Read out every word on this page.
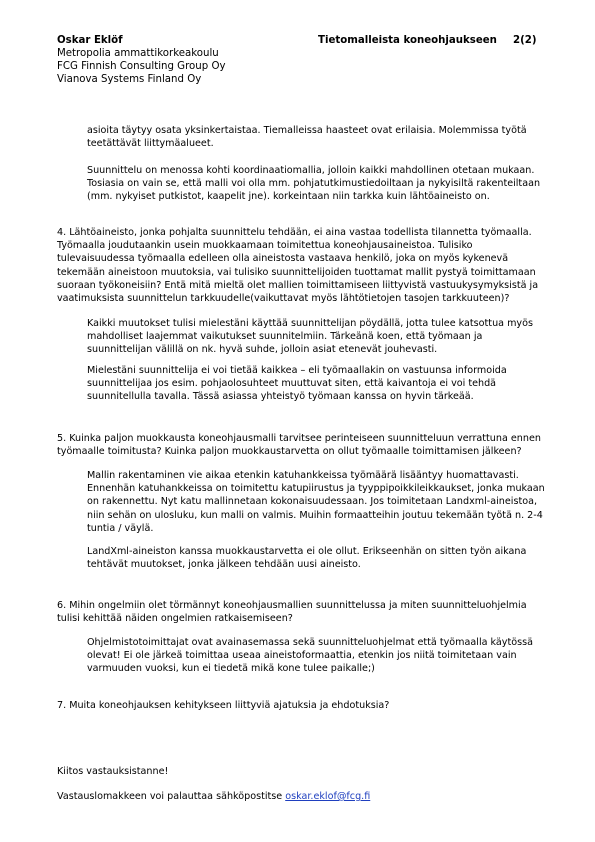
Oskar Eklöf
Metropolia ammattikorkeakoulu
FCG Finnish Consulting Group Oy
Vianova Systems Finland Oy
Tietomalleista koneohjaukseen 2(2)

asioita täytyy osata yksinkertaistaa. Tiemalleissa haasteet ovat erilaisia. Molemmissa työtä
teetättävät liittymäalueet.

Suunnittelu on menossa kohti koordinaatiomallia, jolloin kaikki mahdollinen otetaan mukaan.
Tosiasia on vain se, että malli voi olla mm. pohjatutkimustiedoiltaan ja nykyisiltä rakenteiltaan
(mm. nykyiset putkistot, kaapelit jne). korkeintaan niin tarkka kuin lähtöaineisto on.

4. Lähtöaineisto, jonka pohjalta suunnittelu tehdään, ei aina vastaa todellista tilannetta työmaalla.
Työmaalla joudutaankin usein muokkaamaan toimitettua koneohjausaineistoa. Tulisiko
tulevaisuudessa työmaalla edelleen olla aineistosta vastaava henkilö, joka on myös kykenevä
tekemään aineistoon muutoksia, vai tulisiko suunnittelijoiden tuottamat mallit pystyä toimittamaan
suoraan työkoneisiin? Entä mitä mieltä olet mallien toimittamiseen liittyvistä vastuukysymyksistä ja
vaatimuksista suunnittelun tarkkuudelle(vaikuttavat myös lähtötietojen tasojen tarkkuuteen)?

Kaikki muutokset tulisi mielestäni käyttää suunnittelijan pöydällä, jotta tulee katsottua myös
mahdolliset laajemmat vaikutukset suunnitelmiin. Tärkeänä koen, että työmaan ja
suunnittelijan välillä on nk. hyvä suhde, jolloin asiat etenevät jouhevasti.

Mielestäni suunnittelija ei voi tietää kaikkea – eli työmaallakin on vastuunsa informoida
suunnittelijaa jos esim. pohjaolosuhteet muuttuvat siten, että kaivantoja ei voi tehdä
suunnitellulla tavalla. Tässä asiassa yhteistyö työmaan kanssa on hyvin tärkeää.

5. Kuinka paljon muokkausta koneohjausmalli tarvitsee perinteiseen suunnitteluun verrattuna ennen
työmaalle toimitusta? Kuinka paljon muokkaustarvetta on ollut työmaalle toimittamisen jälkeen?

Mallin rakentaminen vie aikaa etenkin katuhankkeissa työmäärä lisääntyy huomattavasti.
Ennenhän katuhankkeissa on toimitettu katupiirustus ja tyyppipoikkileikkaukset, jonka mukaan
on rakennettu. Nyt katu mallinnetaan kokonaisuudessaan. Jos toimitetaan Landxml-aineistoa,
niin sehän on ulosluku, kun malli on valmis. Muihin formaatteihin joutuu tekemään työtä n. 2-4
tuntia / väylä.

LandXml-aineiston kanssa muokkaustarvetta ei ole ollut. Erikseenhän on sitten työn aikana
tehtävät muutokset, jonka jälkeen tehdään uusi aineisto.

6. Mihin ongelmiin olet törmännyt koneohjausmallien suunnittelussa ja miten suunnitteluohjelmia
tulisi kehittää näiden ongelmien ratkaisemiseen?

Ohjelmistotoimittajat ovat avainasemassa sekä suunnitteluohjelmat että työmaalla käytössä
olevat! Ei ole järkeä toimittaa useaa aineistoformaattia, etenkin jos niitä toimitetaan vain
varmuuden vuoksi, kun ei tiedetä mikä kone tulee paikalle;)

7. Muita koneohjauksen kehitykseen liittyviä ajatuksia ja ehdotuksia?

Kiitos vastauksistanne!

Vastauslomakkeen voi palauttaa sähköpostitse oskar.eklof@fcg.fi
